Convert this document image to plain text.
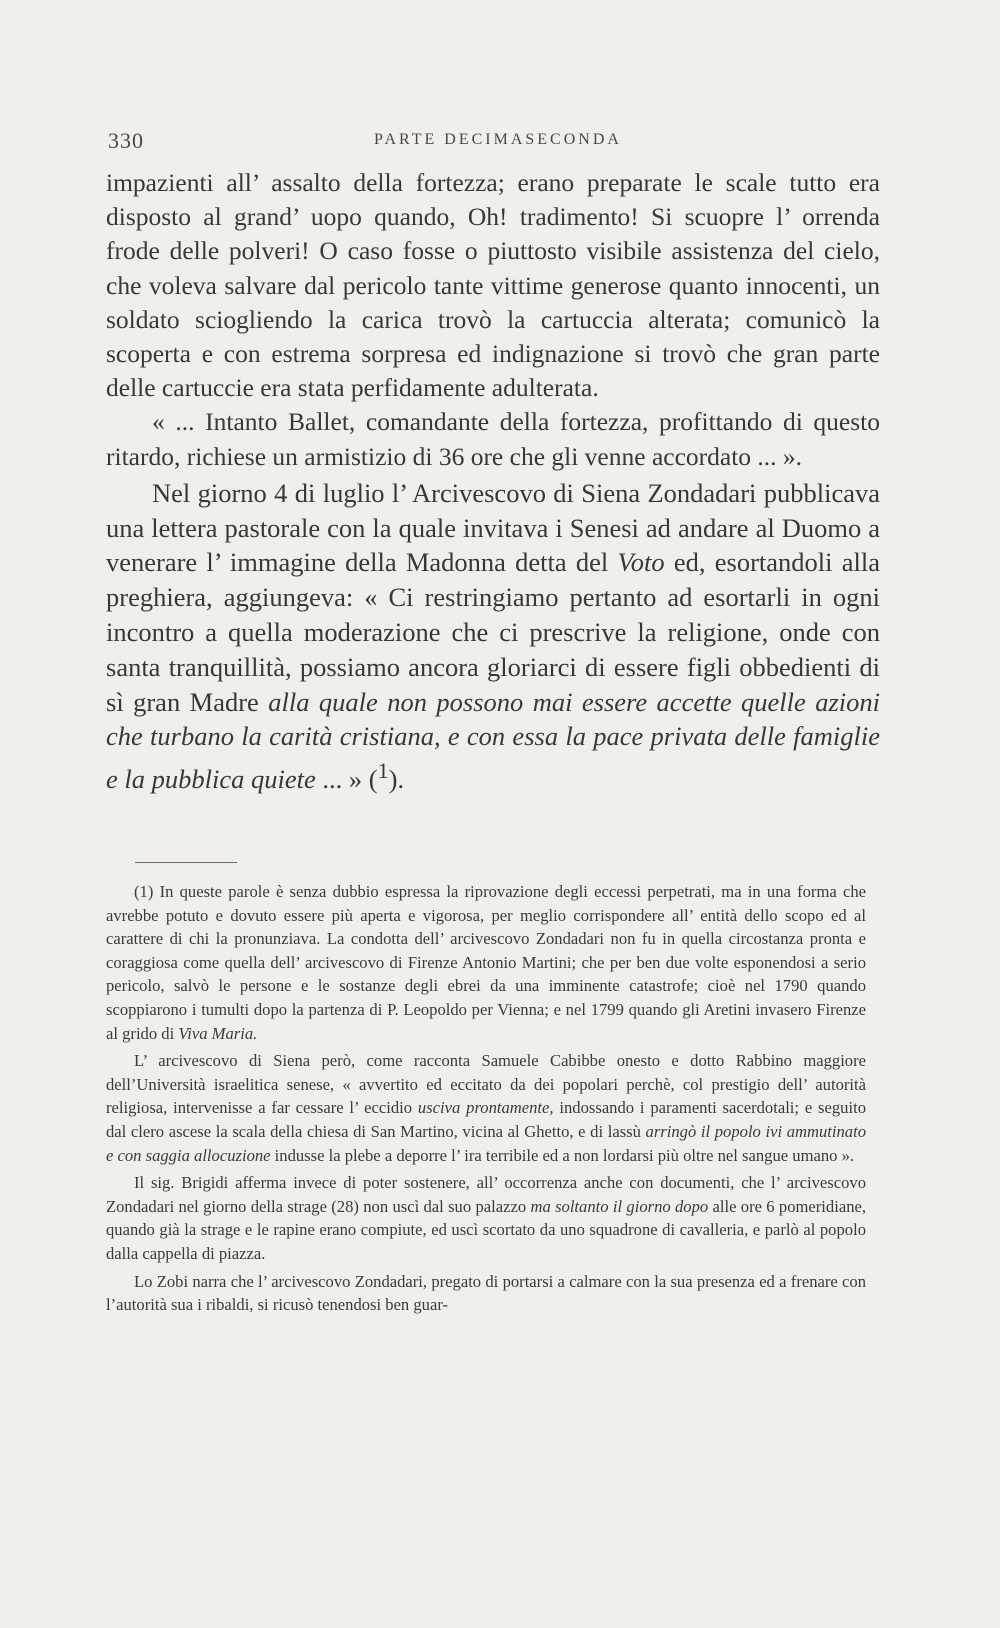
330	PARTE DECIMASECONDA

impazienti all’ assalto della fortezza; erano preparate le scale tutto era disposto al grand’ uopo quando, Oh! tradimento! Si scuopre l’ orrenda frode delle polveri! O caso fosse o piuttosto visibile assistenza del cielo, che voleva salvare dal pericolo tante vittime generose quanto innocenti, un soldato sciogliendo la carica trovò la cartuccia alterata; comunicò la scoperta e con estrema sorpresa ed indignazione si trovò che gran parte delle cartuccie era stata perfidamente adulterata.

« ... Intanto Ballet, comandante della fortezza, profittando di questo ritardo, richiese un armistizio di 36 ore che gli venne accordato ... ».

Nel giorno 4 di luglio l’ Arcivescovo di Siena Zondadari pubblicava una lettera pastorale con la quale invitava i Senesi ad andare al Duomo a venerare l’ immagine della Madonna detta del Voto ed, esortandoli alla preghiera, aggiungeva: « Ci restringiamo pertanto ad esortarli in ogni incontro a quella moderazione che ci prescrive la religione, onde con santa tranquillità, possiamo ancora gloriarci di essere figli obbedienti di sì gran Madre alla quale non possono mai essere accette quelle azioni che turbano la carità cristiana, e con essa la pace privata delle famiglie e la pubblica quiete ... » ($^1$).

(1) In queste parole è senza dubbio espressa la riprovazione degli eccessi perpetrati, ma in una forma che avrebbe potuto e dovuto essere più aperta e vigorosa, per meglio corrispondere all’ entità dello scopo ed al carattere di chi la pronunziava. La condotta dell’ arcivescovo Zondadari non fu in quella circostanza pronta e coraggiosa come quella dell’ arcivescovo di Firenze Antonio Martini; che per ben due volte esponendosi a serio pericolo, salvò le persone e le sostanze degli ebrei da una imminente catastrofe; cioè nel 1790 quando scoppiarono i tumulti dopo la partenza di P. Leopoldo per Vienna; e nel 1799 quando gli Aretini invasero Firenze al grido di Viva Maria.

L’ arcivescovo di Siena però, come racconta Samuele Cabibbe onesto e dotto Rabbino maggiore dell’Università israelitica senese, « avvertito ed eccitato da dei popolari perchè, col prestigio dell’ autorità religiosa, intervenisse a far cessare l’ eccidio usciva prontamente, indossando i paramenti sacerdotali; e seguito dal clero ascese la scala della chiesa di San Martino, vicina al Ghetto, e di lassù arringò il popolo ivi ammutinato e con saggia allocuzione indusse la plebe a deporre l’ ira terribile ed a non lordarsi più oltre nel sangue umano ».

Il sig. Brigidi afferma invece di poter sostenere, all’ occorrenza anche con documenti, che l’ arcivescovo Zondadari nel giorno della strage (28) non uscì dal suo palazzo ma soltanto il giorno dopo alle ore 6 pomeridiane, quando già la strage e le rapine erano compiute, ed uscì scortato da uno squadrone di cavalleria, e parlò al popolo dalla cappella di piazza.

Lo Zobi narra che l’ arcivescovo Zondadari, pregato di portarsi a calmare con la sua presenza ed a frenare con l’autorità sua i ribaldi, si ricusò tenendosi ben guar-
